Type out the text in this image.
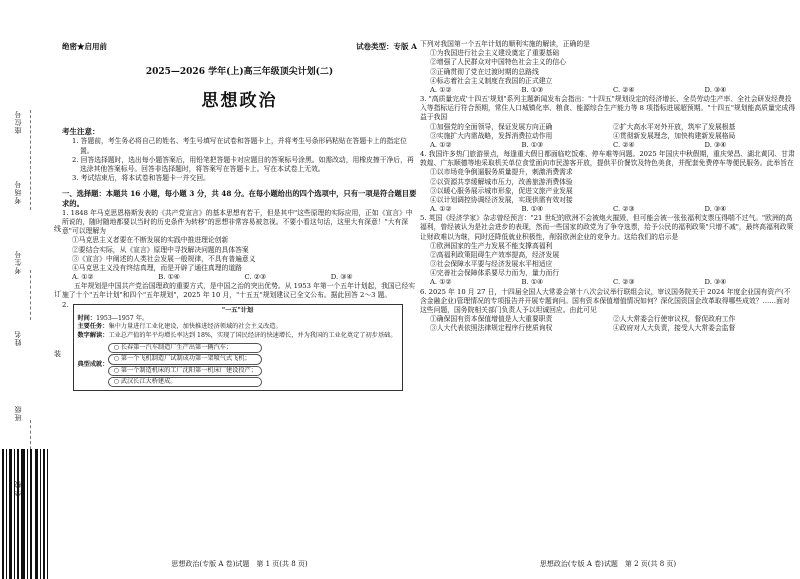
座位号
考场号
考生号
姓名
班级
线
订
装
绝密★启用前	试卷类型：专版 A
2025—2026 学年(上)高三年级顶尖计划(二)
思想政治
考生注意：

1. 答题前，考生务必将自己的姓名、考生号填写在试卷和答题卡上，并将考生号条形码粘贴在答题卡上的指定位置。

2. 回答选择题时，选出每小题答案后，用铅笔把答题卡对应题目的答案标号涂黑。如需改动，用橡皮擦干净后，再选涂其他答案标号。回答非选择题时，将答案写在答题卡上。写在本试卷上无效。

3. 考试结束后，将本试卷和答题卡一并交回。

一、选择题：本题共 16 小题，每小题 3 分，共 48 分。在每小题给出的四个选项中，只有一项是符合题目要求的。

1. 1848 年马克思恩格斯发表的《共产党宣言》的基本思想有若干，但是其中"这些原理的实际应用，正如《宣言》中所说的，随时随地都要以当时的历史条件为转移"的思想非常容易被忽视。不要小看这句话，这里大有深意！"大有深意"可以理解为

①马克思主义者要在不断发展的实践中推进理论创新

②要结合实际，从《宣言》原理中寻找解决问题的具体答案

③《宣言》中阐述的人类社会发展一般规律，不具有普遍意义

④马克思主义没有终结真理，而是开辟了通往真理的道路

A. ①②	B. ①④	C. ②③	D. ③④

五年规划是中国共产党治国理政的重要方式，是中国之治的突出优势。从 1953 年第一个五年计划起，我国已经实施了十个"五年计划"和四个"五年规划"，2025 年 10 月，"十五五"规划建议已全文公布。据此回答 2～3 题。

2.
"一五"计划
时间： 1953—1957 年。
主要任务： 集中力量进行工业化建设，加快推进经济领域的社会主义改造。
数字解读： 工业总产值的年平均增长率达到 18%，实现了国民经济的快速增长，并为我国的工业化奠定了初步基础。
典型成就：
○ 长春第一汽车制造厂生产出第一辆汽车；
○ 第一个飞机制造厂试制成功第一架喷气式飞机；
○ 第一个制造机床的工厂沈阳第一机床厂建设投产；
○ 武汉长江大桥建成。
思想政治(专版 A 卷)试题　第 1 页(共 8 页)

下列对我国第一个五年计划的顺利实施的解读，正确的是

①为我国进行社会主义建设奠定了重要基础

②增强了人民群众对中国特色社会主义的信心

③正确贯彻了党在过渡时期的总路线

④标志着社会主义制度在我国的正式建立

A. ①②	B. ①③	C. ②④	D. ③④

3. "高质量完成'十四五'规划"系列主题新闻发布会指出："十四五"规划设定的经济增长、全员劳动生产率、全社会研发经费投入等指标运行符合预期，常住人口城镇化率、粮食、能源综合生产能力等 8 项指标进展超预期。"十四五"规划能高质量完成得益于我国

①加强党的全面领导，保证发展方向正确	②扩大高水平对外开放，筑牢了发展根基
③实施扩大内需战略，发挥消费拉动作用	④贯彻新发展理念，加快构建新发展格局
A. ①②	B. ①③	C. ②④	D. ③④

4. 我国许多热门旅游景点，每逢重大假日都面临吃饭难、停车难等问题。2025 年国庆中秋假期，重庆荣昌、湖北黄冈、甘肃敦煌、广东顺德等地采取机关单位食堂面向市民游客开放，提供平价餐饮及特色美食，并配套免费停车等便民服务。此举旨在

①以市场竞争倒逼服务质量提升，刺激消费需求

②以资源共享缓解城市压力，改善旅游消费体验

③以暖心服务展示城市形象，促进文旅产业发展

④以计划调控协调经济发展，实现供需有效对接

A. ①②	B. ①④	C. ②③	D. ③④

5. 英国《经济学家》杂志曾经预言："21 世纪的欧洲不会被炮火摧毁，但可能会被一张张福利支票压得喘不过气。"欧洲的高福利，曾经被认为是社会进步的表现，然而一些国家的政党为了争夺选票，给予公民的福利政策"只增不减"，最终高福利政策让财政难以为继，同时还降低就业积极性，削弱欧洲企业的竞争力。这给我们的启示是

①欧洲国家的生产力发展不能支撑高福利

②高福利政策阻碍生产效率提高，经济发展

③社会保障水平要与经济发展水平相适应

④完善社会保障体系要尽力而为，量力而行

A. ①②	B. ①④	C. ②③	D. ③④

6. 2025 年 10 月 27 日，十四届全国人大常委会第十八次会议举行联组会议，审议国务院关于 2024 年度企业国有资产(不含金融企业)管理情况的专项报告并开展专题询问。国有资本保值增值情况如何？深化国资国企改革取得哪些成效？……面对这些问题，国务院相关部门负责人予以坦诚回应。由此可见

①确保国有资本保值增值是人大重要职责	②人大常委会行使审议权，督促政府工作
③人大代表依照法律规定程序行使质询权	④政府对人大负责，接受人大常委会监督
思想政治(专版 A 卷)试题　第 2 页(共 8 页)
